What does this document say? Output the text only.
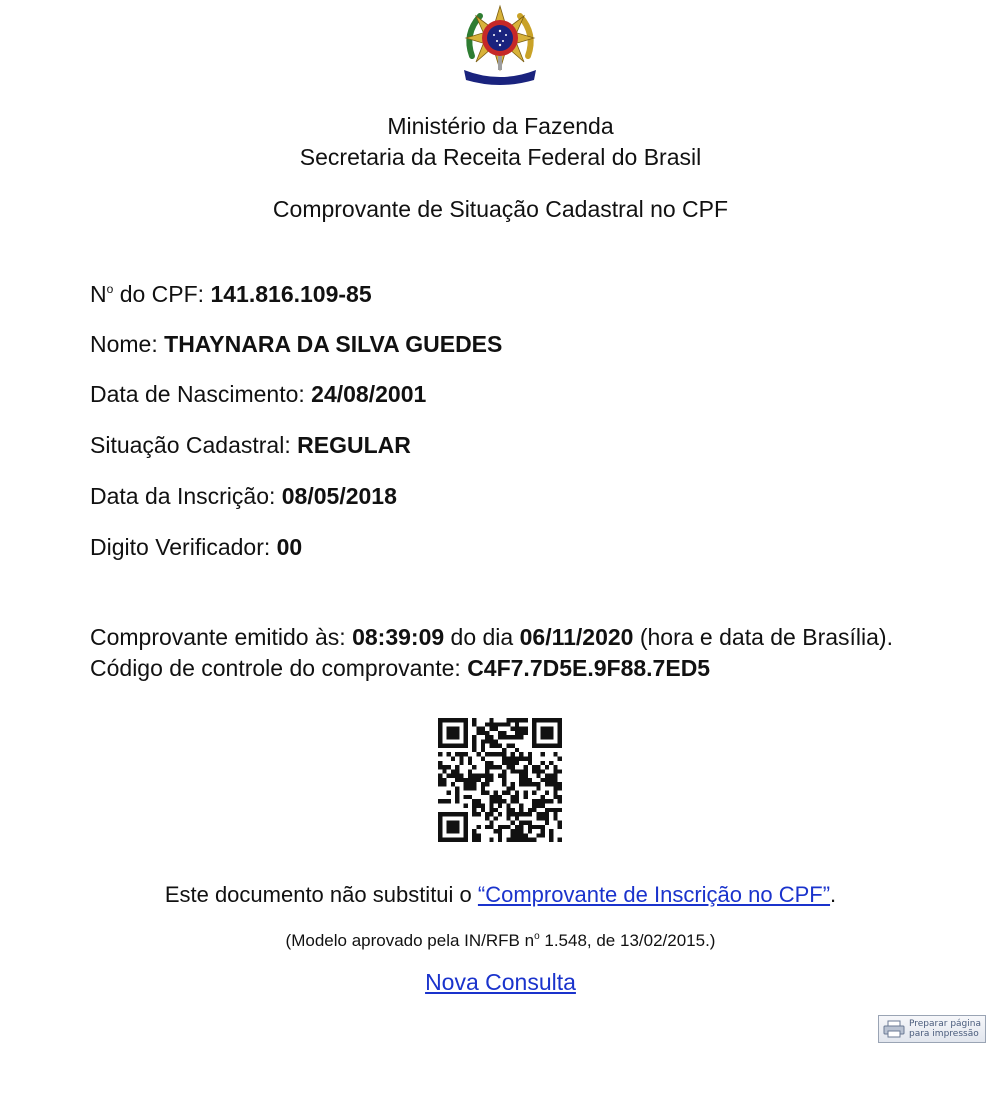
Ministério da Fazenda
Secretaria da Receita Federal do Brasil
Comprovante de Situação Cadastral no CPF
$N^o$ do CPF: 141.816.109-85
Nome: THAYNARA DA SILVA GUEDES
Data de Nascimento: 24/08/2001
Situação Cadastral: REGULAR
Data da Inscrição: 08/05/2018
Digito Verificador: 00
Comprovante emitido às: 08:39:09 do dia 06/11/2020 (hora e data de Brasília).
Código de controle do comprovante: C4F7.7D5E.9F88.7ED5
Este documento não substitui o “Comprovante de Inscrição no CPF”.
(Modelo aprovado pela IN/RFB $n^o$ 1.548, de 13/02/2015.)
Nova Consulta
Preparar página
para impressão
